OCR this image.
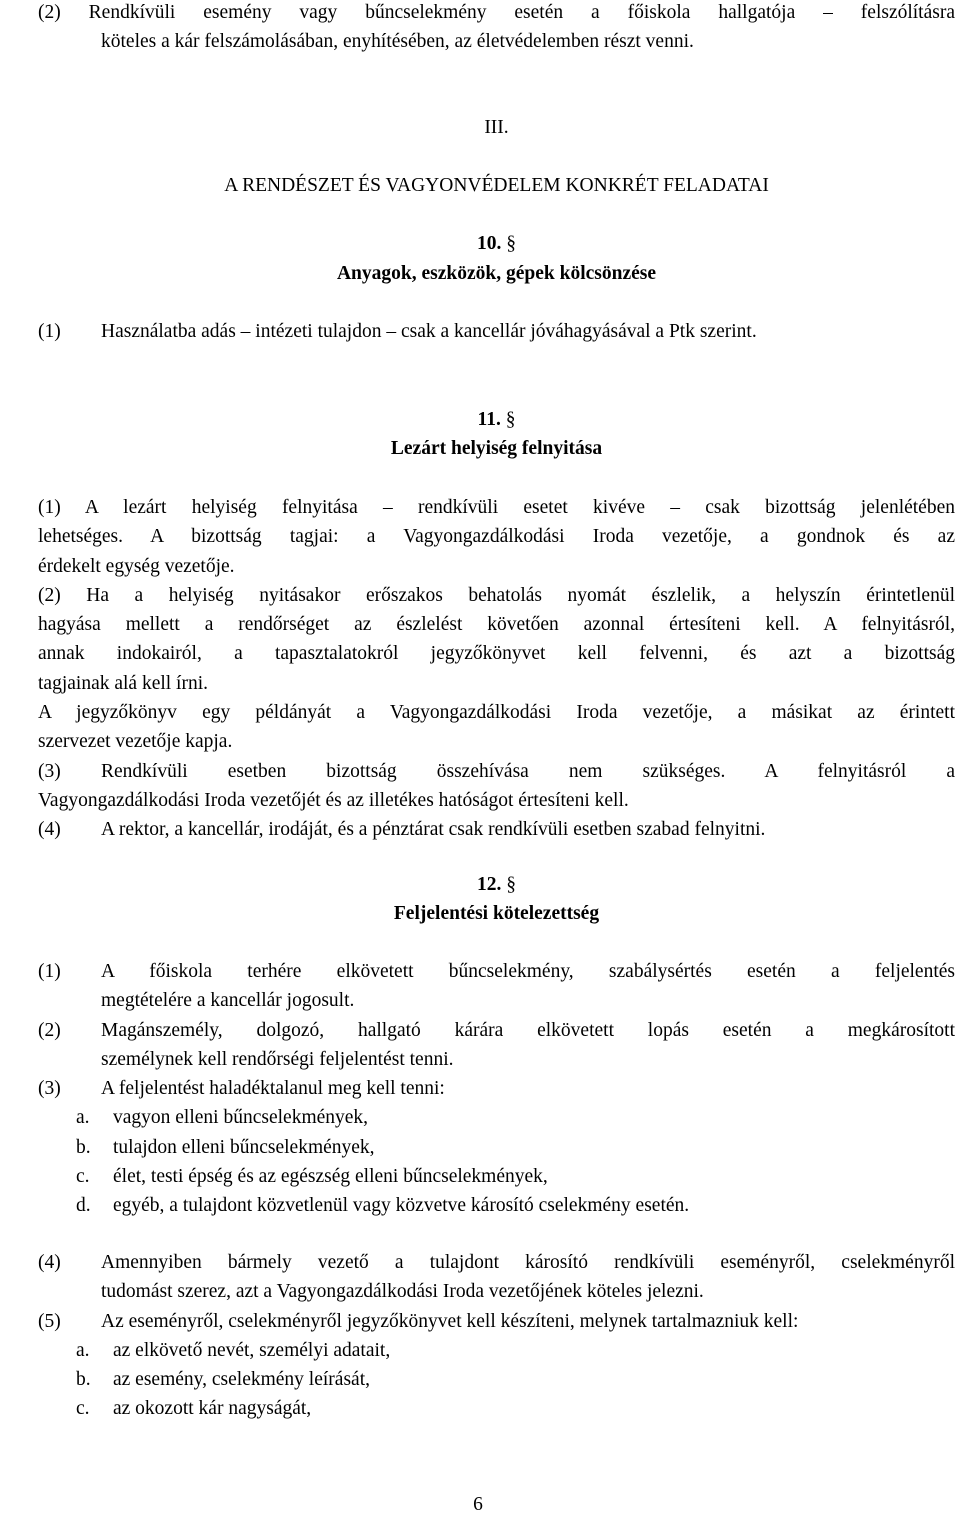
(2) Rendkívüli esemény vagy bűncselekmény esetén a főiskola hallgatója – felszólításra
köteles a kár felszámolásában, enyhítésében, az életvédelemben részt venni.
III.
A RENDÉSZET ÉS VAGYONVÉDELEM KONKRÉT FELADATAI
10. §
Anyagok, eszközök, gépek kölcsönzése
(1) Használatba adás – intézeti tulajdon – csak a kancellár jóváhagyásával a Ptk szerint.
11. §
Lezárt helyiség felnyitása
(1) A lezárt helyiség felnyitása – rendkívüli esetet kivéve – csak bizottság jelenlétében
lehetséges. A bizottság tagjai: a Vagyongazdálkodási Iroda vezetője, a gondnok és az
érdekelt egység vezetője.
(2) Ha a helyiség nyitásakor erőszakos behatolás nyomát észlelik, a helyszín érintetlenül
hagyása mellett a rendőrséget az észlelést követően azonnal értesíteni kell. A felnyitásról,
annak indokairól, a tapasztalatokról jegyzőkönyvet kell felvenni, és azt a bizottság
tagjainak alá kell írni.
A jegyzőkönyv egy példányát a Vagyongazdálkodási Iroda vezetője, a másikat az érintett
szervezet vezetője kapja.
(3) Rendkívüli esetben bizottság összehívása nem szükséges. A felnyitásról a
Vagyongazdálkodási Iroda vezetőjét és az illetékes hatóságot értesíteni kell.
(4) A rektor, a kancellár, irodáját, és a pénztárat csak rendkívüli esetben szabad felnyitni.
12. §
Feljelentési kötelezettség
(1) A főiskola terhére elkövetett bűncselekmény, szabálysértés esetén a feljelentés
megtételére a kancellár jogosult.
(2) Magánszemély, dolgozó, hallgató kárára elkövetett lopás esetén a megkárosított
személynek kell rendőrségi feljelentést tenni.
(3) A feljelentést haladéktalanul meg kell tenni:
a. vagyon elleni bűncselekmények,
b. tulajdon elleni bűncselekmények,
c. élet, testi épség és az egészség elleni bűncselekmények,
d. egyéb, a tulajdont közvetlenül vagy közvetve károsító cselekmény esetén.
(4) Amennyiben bármely vezető a tulajdont károsító rendkívüli eseményről, cselekményről
tudomást szerez, azt a Vagyongazdálkodási Iroda vezetőjének köteles jelezni.
(5) Az eseményről, cselekményről jegyzőkönyvet kell készíteni, melynek tartalmazniuk kell:
a. az elkövető nevét, személyi adatait,
b. az esemény, cselekmény leírását,
c. az okozott kár nagyságát,
6
